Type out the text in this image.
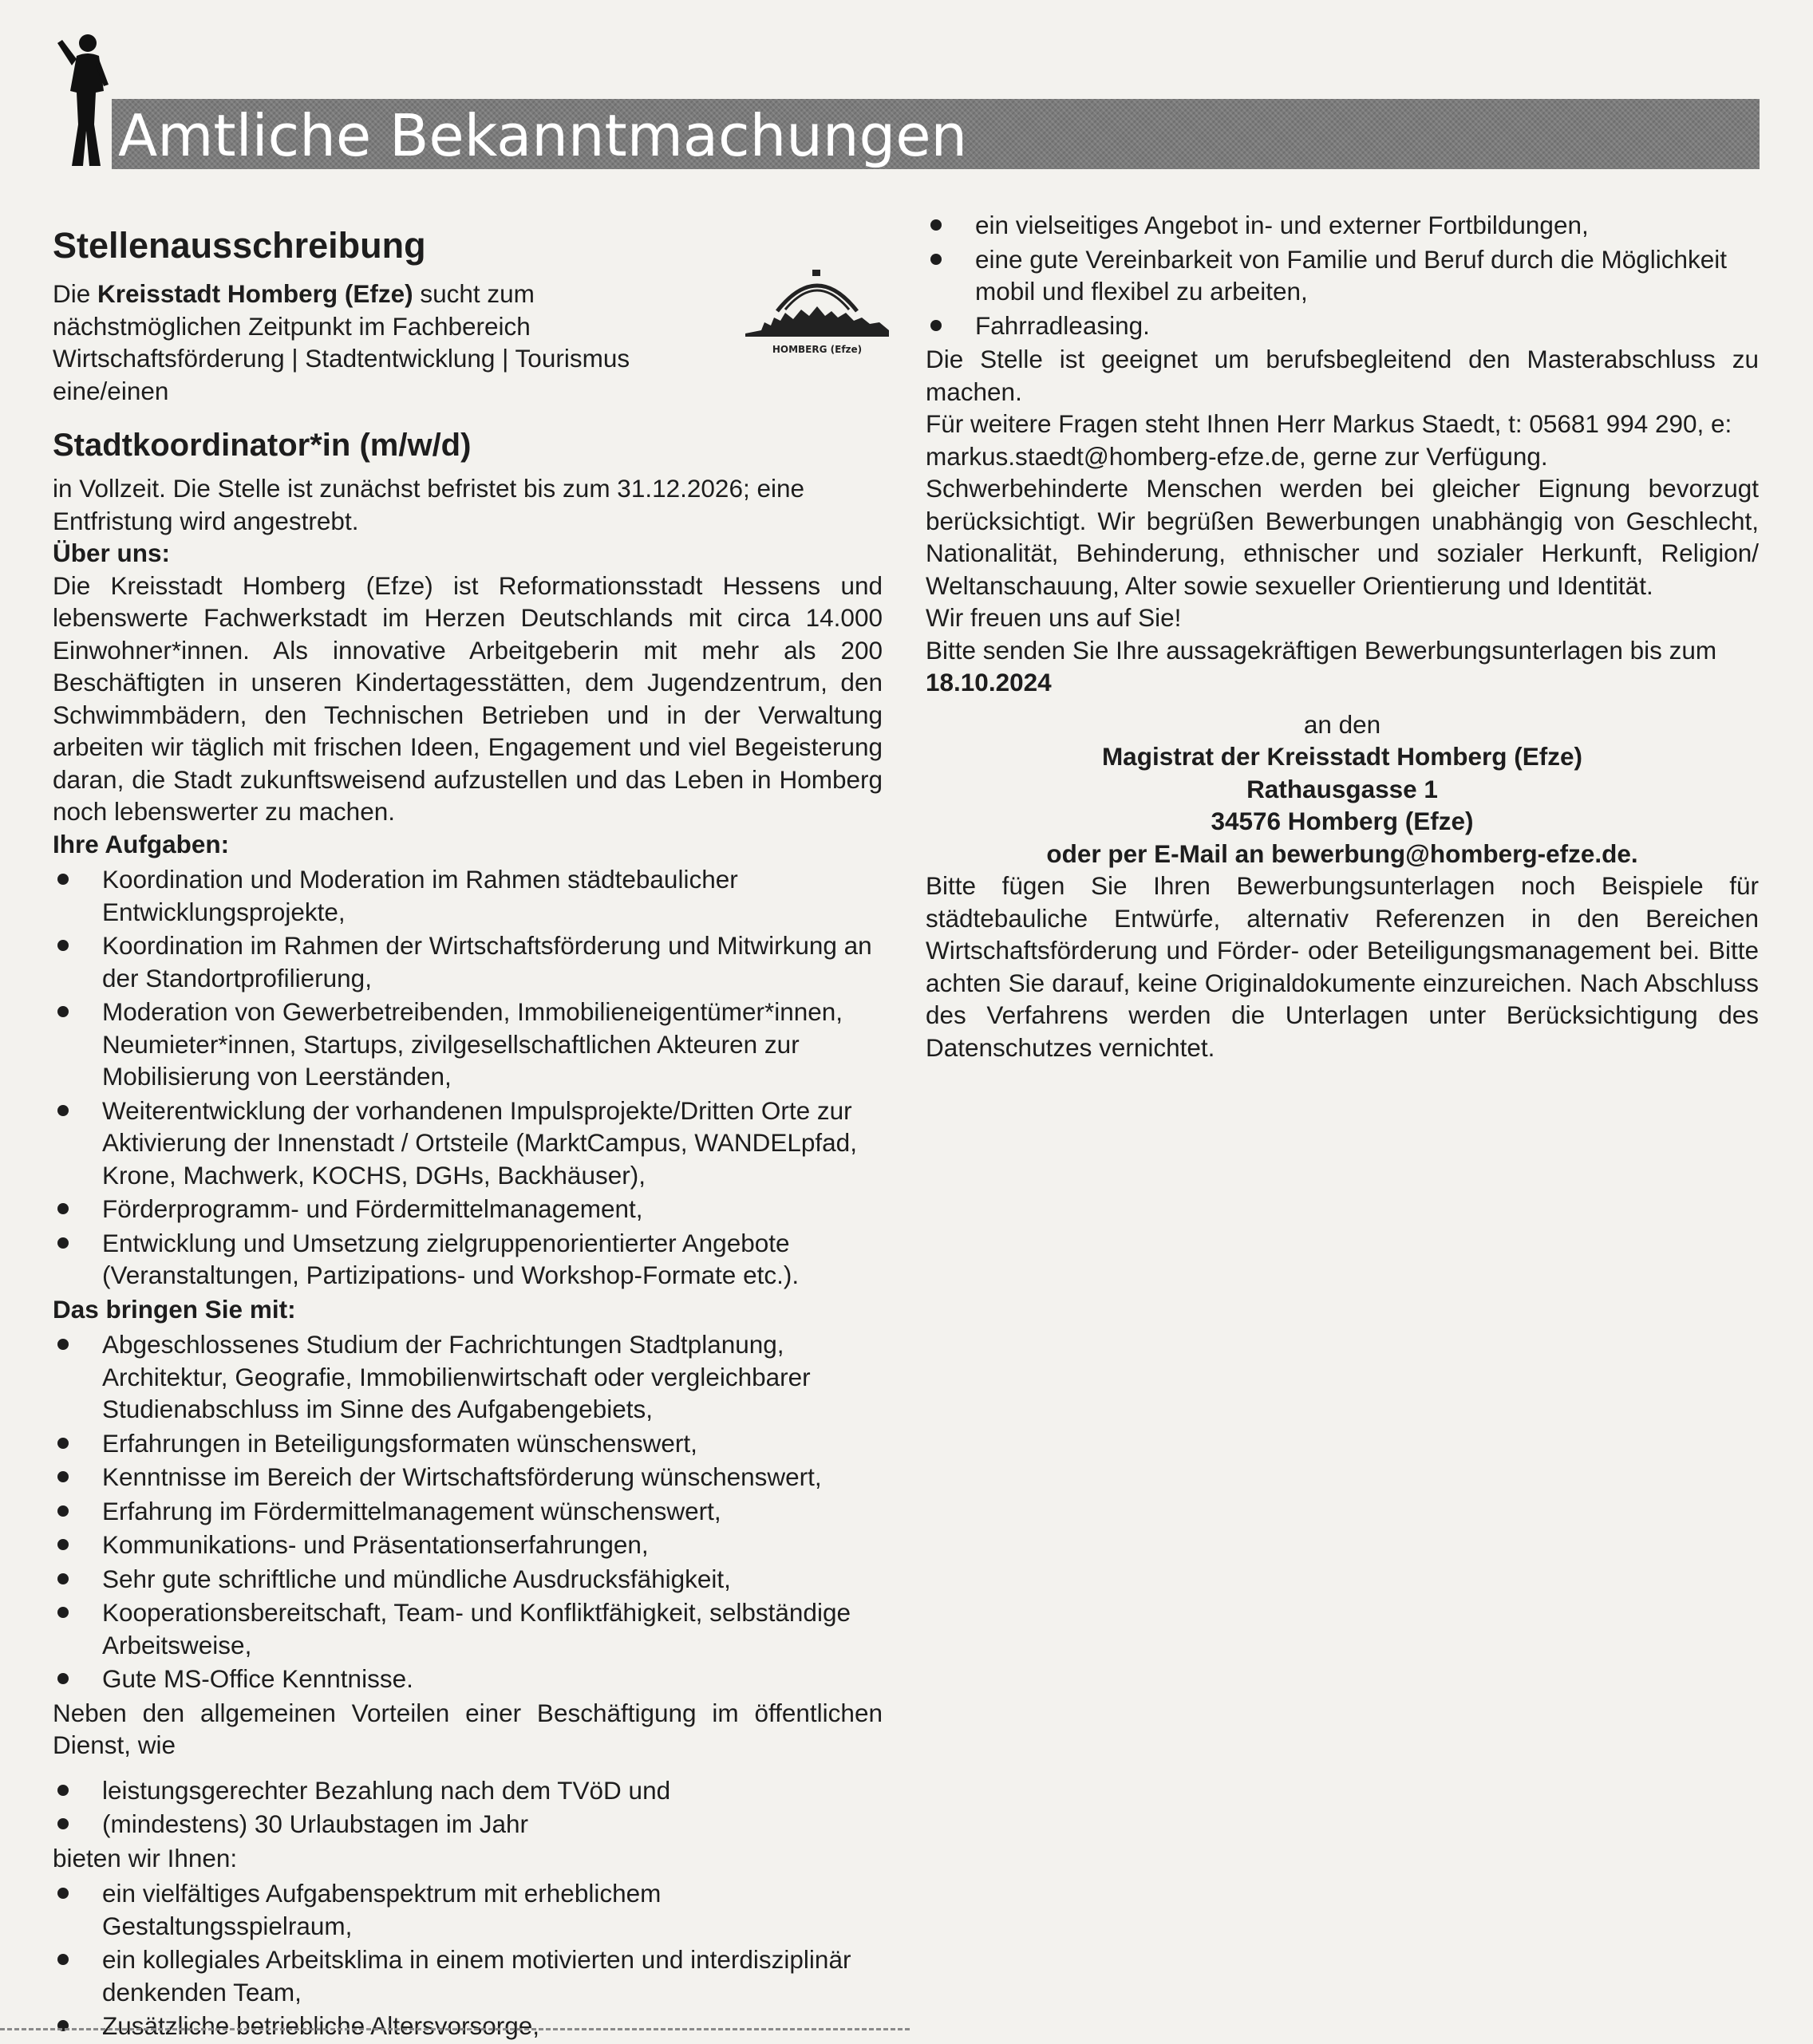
Amtliche Bekanntmachungen
Stellenausschreibung
Die Kreisstadt Homberg (Efze) sucht zum nächstmöglichen Zeitpunkt im Fachbereich Wirtschaftsförderung | Stadtentwicklung | Tourismus eine/einen
HOMBERG (Efze)
Stadtkoordinator*in (m/w/d)

in Vollzeit. Die Stelle ist zunächst befristet bis zum 31.12.2026; eine Entfristung wird angestrebt.

Über uns:

Die Kreisstadt Homberg (Efze) ist Reformationsstadt Hessens und lebenswerte Fachwerkstadt im Herzen Deutschlands mit circa 14.000 Einwohner*innen. Als innovative Arbeitgeberin mit mehr als 200 Beschäftigten in unseren Kindertagesstätten, dem Jugendzentrum, den Schwimmbädern, den Technischen Betrieben und in der Verwaltung arbeiten wir täglich mit frischen Ideen, Engagement und viel Begeisterung daran, die Stadt zukunftsweisend aufzustellen und das Leben in Homberg noch lebenswerter zu machen.

Ihre Aufgaben:

Koordination und Moderation im Rahmen städtebaulicher Entwicklungsprojekte,
Koordination im Rahmen der Wirtschaftsförderung und Mitwirkung an der Standortprofilierung,
Moderation von Gewerbetreibenden, Immobilieneigentümer*innen, Neumieter*innen, Startups, zivilgesellschaftlichen Akteuren zur Mobilisierung von Leerständen,
Weiterentwicklung der vorhandenen Impulsprojekte/Dritten Orte zur Aktivierung der Innenstadt / Ortsteile (MarktCampus, WANDELpfad, Krone, Machwerk, KOCHS, DGHs, Backhäuser),
Förderprogramm- und Fördermittelmanagement,
Entwicklung und Umsetzung zielgruppenorientierter Angebote (Veranstaltungen, Partizipations- und Workshop-Formate etc.).

Das bringen Sie mit:

Abgeschlossenes Studium der Fachrichtungen Stadtplanung, Architektur, Geografie, Immobilienwirtschaft oder vergleichbarer Studienabschluss im Sinne des Aufgabengebiets,
Erfahrungen in Beteiligungsformaten wünschenswert,
Kenntnisse im Bereich der Wirtschaftsförderung wünschenswert,
Erfahrung im Fördermittelmanagement wünschenswert,
Kommunikations- und Präsentationserfahrungen,
Sehr gute schriftliche und mündliche Ausdrucksfähigkeit,
Kooperationsbereitschaft, Team- und Konfliktfähigkeit, selbständige Arbeitsweise,
Gute MS-Office Kenntnisse.

Neben den allgemeinen Vorteilen einer Beschäftigung im öffentlichen Dienst, wie

leistungsgerechter Bezahlung nach dem TVöD und
(mindestens) 30 Urlaubstagen im Jahr

bieten wir Ihnen:

ein vielfältiges Aufgabenspektrum mit erheblichem Gestaltungsspielraum,
ein kollegiales Arbeitsklima in einem motivierten und interdisziplinär denkenden Team,
Zusätzliche betriebliche Altersvorsorge,
ein vielseitiges Angebot in- und externer Fortbildungen,
eine gute Vereinbarkeit von Familie und Beruf durch die Möglichkeit mobil und flexibel zu arbeiten,
Fahrradleasing.

Die Stelle ist geeignet um berufsbegleitend den Masterabschluss zu machen.

Für weitere Fragen steht Ihnen Herr Markus Staedt, t: 05681 994 290, e: markus.staedt@homberg-efze.de, gerne zur Verfügung.

Schwerbehinderte Menschen werden bei gleicher Eignung bevorzugt berücksichtigt. Wir begrüßen Bewerbungen unabhängig von Geschlecht, Nationalität, Behinderung, ethnischer und sozialer Herkunft, Religion/ Weltanschauung, Alter sowie sexueller Orientierung und Identität.

Wir freuen uns auf Sie!

Bitte senden Sie Ihre aussagekräftigen Bewerbungsunterlagen bis zum

18.10.2024

an den

Magistrat der Kreisstadt Homberg (Efze)

Rathausgasse 1

34576 Homberg (Efze)

oder per E-Mail an bewerbung@homberg-efze.de.

Bitte fügen Sie Ihren Bewerbungsunterlagen noch Beispiele für städtebauliche Entwürfe, alternativ Referenzen in den Bereichen Wirtschaftsförderung und Förder- oder Beteiligungsmanagement bei. Bitte achten Sie darauf, keine Originaldokumente einzureichen. Nach Abschluss des Verfahrens werden die Unterlagen unter Berücksichtigung des Datenschutzes vernichtet.
